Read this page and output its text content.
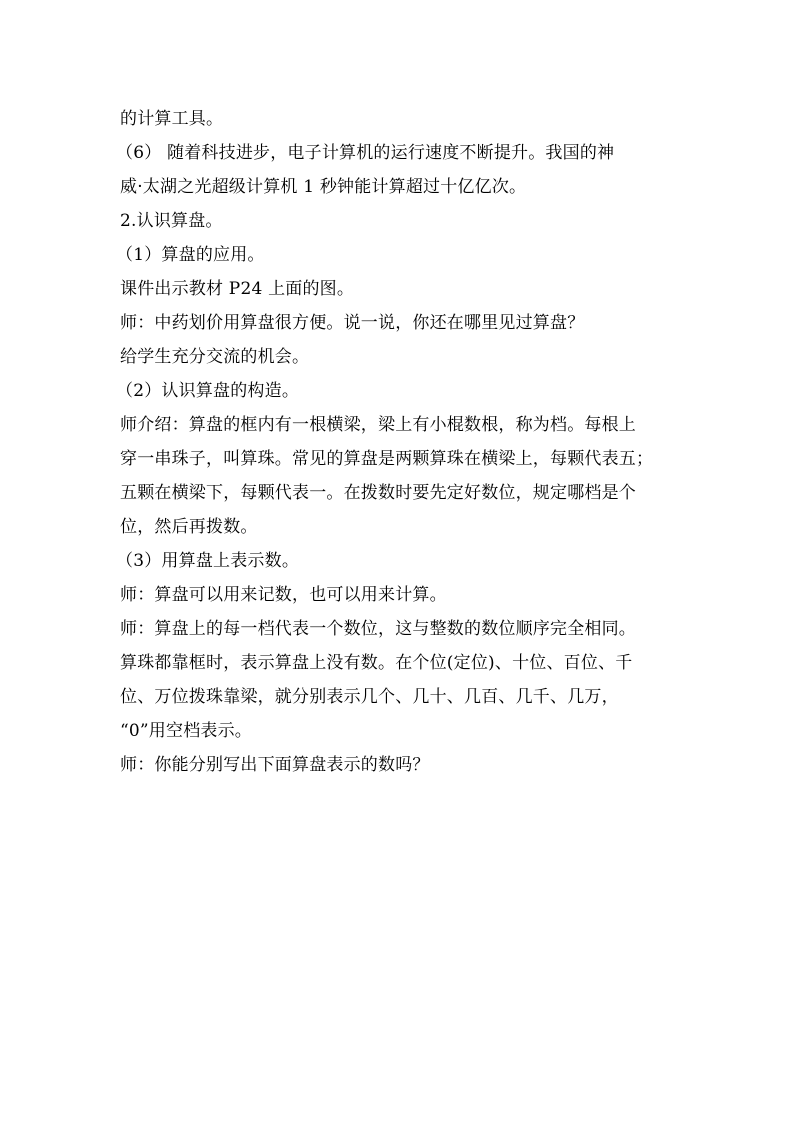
的计算工具。
（6） 随着科技进步，电子计算机的运行速度不断提升。我国的神
威·太湖之光超级计算机 1 秒钟能计算超过十亿亿次。
2.认识算盘。
（1）算盘的应用。
课件出示教材 P24 上面的图。
师：中药划价用算盘很方便。说一说，你还在哪里见过算盘？
给学生充分交流的机会。
（2）认识算盘的构造。
师介绍：算盘的框内有一根横梁，梁上有小棍数根，称为档。每根上
穿一串珠子，叫算珠。常见的算盘是两颗算珠在横梁上，每颗代表五；
五颗在横梁下，每颗代表一。在拨数时要先定好数位，规定哪档是个
位，然后再拨数。
（3）用算盘上表示数。
师：算盘可以用来记数，也可以用来计算。
师：算盘上的每一档代表一个数位，这与整数的数位顺序完全相同。
算珠都靠框时，表示算盘上没有数。在个位(定位)、十位、百位、千
位、万位拨珠靠梁，就分别表示几个、几十、几百、几千、几万，
“0”用空档表示。
师：你能分别写出下面算盘表示的数吗？
